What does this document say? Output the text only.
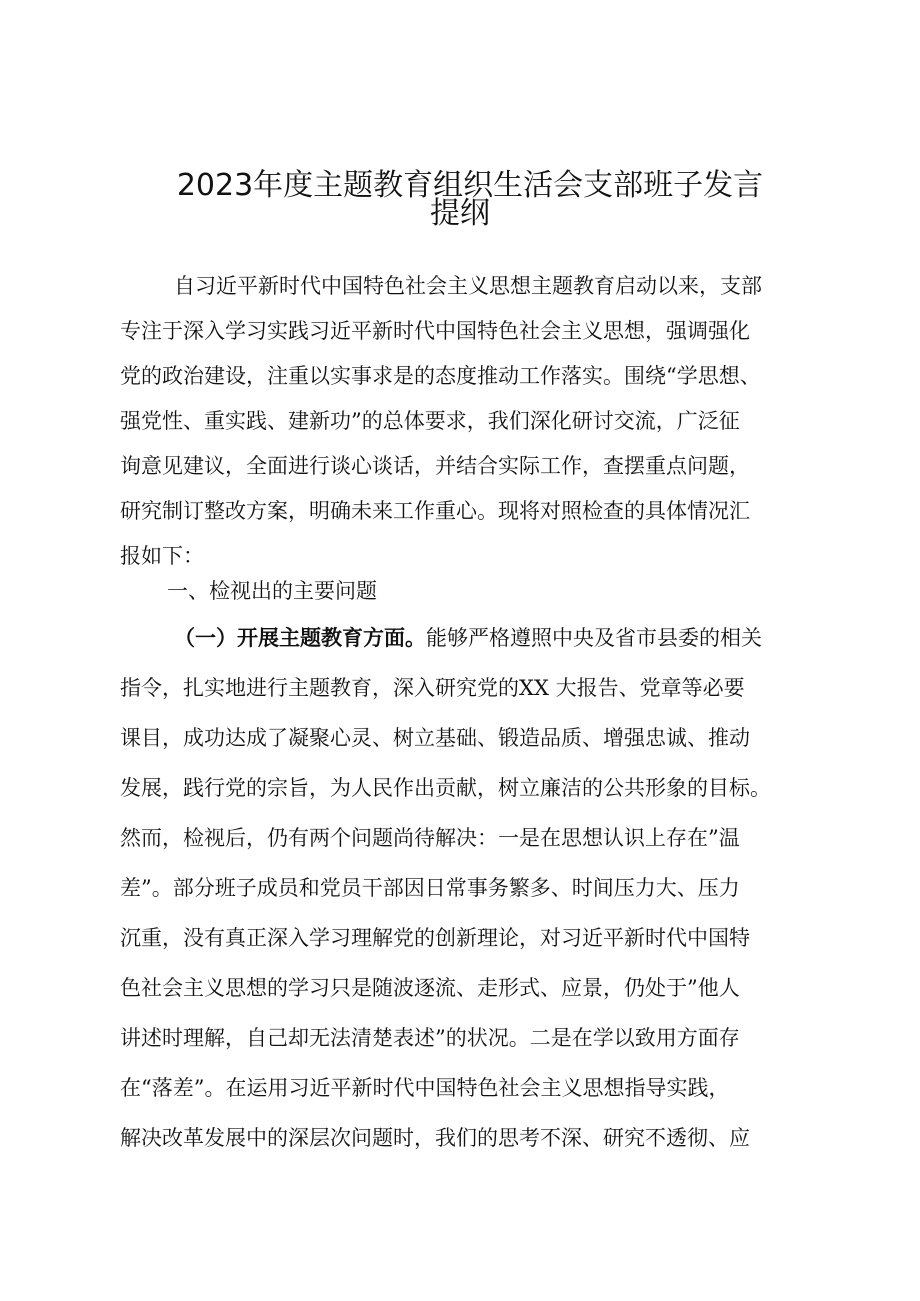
2023年度主题教育组织生活会支部班子发言
提纲
自习近平新时代中国特色社会主义思想主题教育启动以来，支部
专注于深入学习实践习近平新时代中国特色社会主义思想，强调强化
党的政治建设，注重以实事求是的态度推动工作落实。围绕“学思想、
强党性、重实践、建新功”的总体要求，我们深化研讨交流，广泛征
询意见建议，全面进行谈心谈话，并结合实际工作，查摆重点问题，
研究制订整改方案，明确未来工作重心。现将对照检查的具体情况汇
报如下：
一、检视出的主要问题
（一）开展主题教育方面。能够严格遵照中央及省市县委的相关
指令，扎实地进行主题教育，深入研究党的XX 大报告、党章等必要
课目，成功达成了凝聚心灵、树立基础、锻造品质、增强忠诚、推动
发展，践行党的宗旨，为人民作出贡献，树立廉洁的公共形象的目标。
然而，检视后，仍有两个问题尚待解决：一是在思想认识上存在”温
差”。部分班子成员和党员干部因日常事务繁多、时间压力大、压力
沉重，没有真正深入学习理解党的创新理论，对习近平新时代中国特
色社会主义思想的学习只是随波逐流、走形式、应景，仍处于”他人
讲述时理解，自己却无法清楚表述”的状况。二是在学以致用方面存
在“落差”。在运用习近平新时代中国特色社会主义思想指导实践，
解决改革发展中的深层次问题时，我们的思考不深、研究不透彻、应
